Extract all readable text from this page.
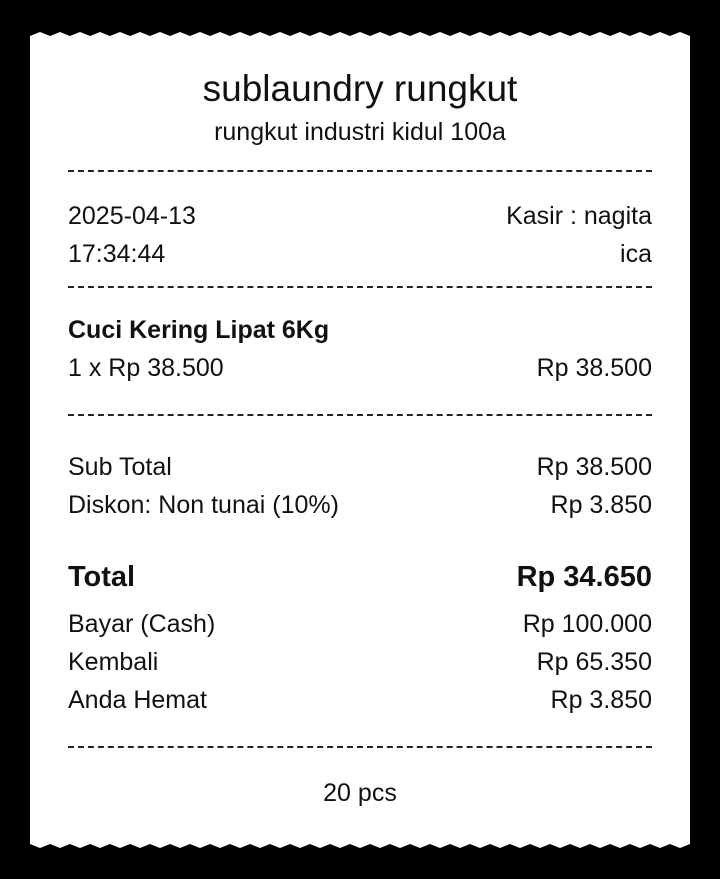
sublaundry rungkut
rungkut industri kidul 100a
2025-04-13	Kasir : nagita
17:34:44	ica
Cuci Kering Lipat 6Kg
1 x Rp 38.500	Rp 38.500
Sub Total	Rp 38.500
Diskon: Non tunai (10%)	Rp 3.850
Total	Rp 34.650
Bayar (Cash)	Rp 100.000
Kembali	Rp 65.350
Anda Hemat	Rp 3.850
20 pcs
